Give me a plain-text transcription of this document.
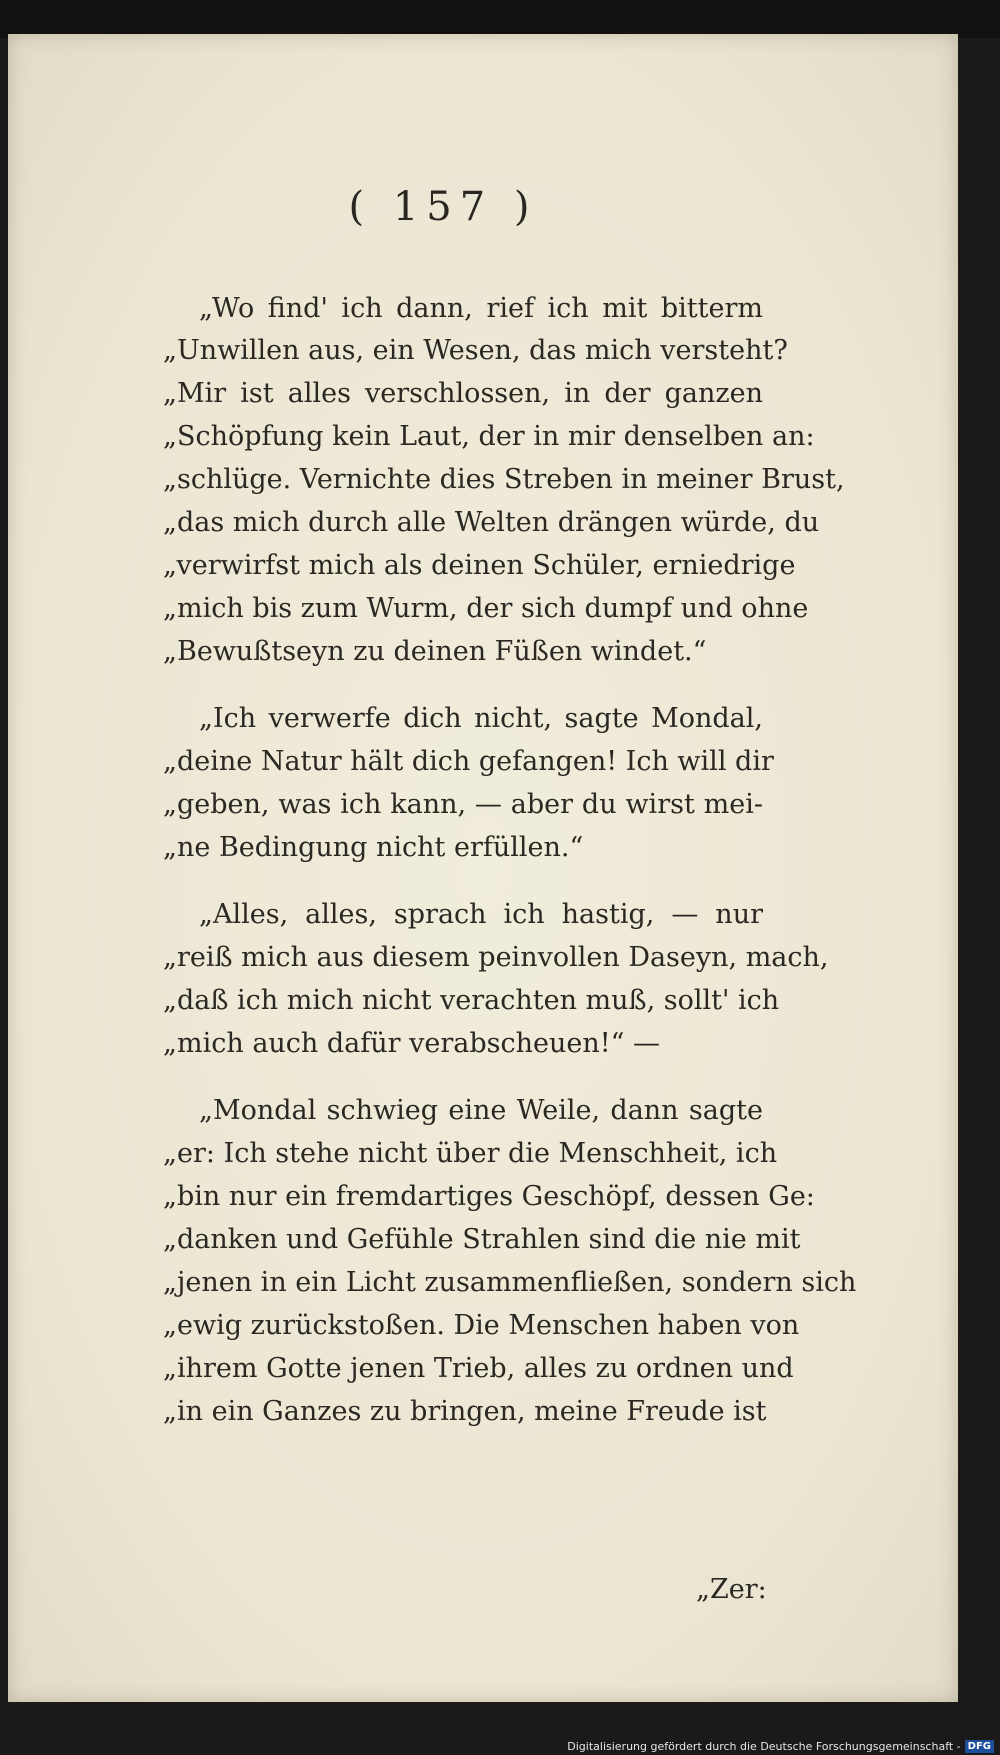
( 157 )
„Wo find' ich dann, rief ich mit bitterm
„Unwillen aus, ein Wesen, das mich versteht?
„Mir ist alles verschlossen, in der ganzen
„Schöpfung kein Laut, der in mir denselben an:
„schlüge. Vernichte dies Streben in meiner Brust,
„das mich durch alle Welten drängen würde, du
„verwirfst mich als deinen Schüler, erniedrige
„mich bis zum Wurm, der sich dumpf und ohne
„Bewußtseyn zu deinen Füßen windet.“
„Ich verwerfe dich nicht, sagte Mondal,
„deine Natur hält dich gefangen! Ich will dir
„geben, was ich kann, — aber du wirst mei-
„ne Bedingung nicht erfüllen.“
„Alles, alles, sprach ich hastig, — nur
„reiß mich aus diesem peinvollen Daseyn, mach,
„daß ich mich nicht verachten muß, sollt' ich
„mich auch dafür verabscheuen!“ —
„Mondal schwieg eine Weile, dann sagte
„er: Ich stehe nicht über die Menschheit, ich
„bin nur ein fremdartiges Geschöpf, dessen Ge:
„danken und Gefühle Strahlen sind die nie mit
„jenen in ein Licht zusammenfließen, sondern sich
„ewig zurückstoßen. Die Menschen haben von
„ihrem Gotte jenen Trieb, alles zu ordnen und
„in ein Ganzes zu bringen, meine Freude ist
„Zer:
Digitalisierung gefördert durch die Deutsche Forschungsgemeinschaft - DFG
